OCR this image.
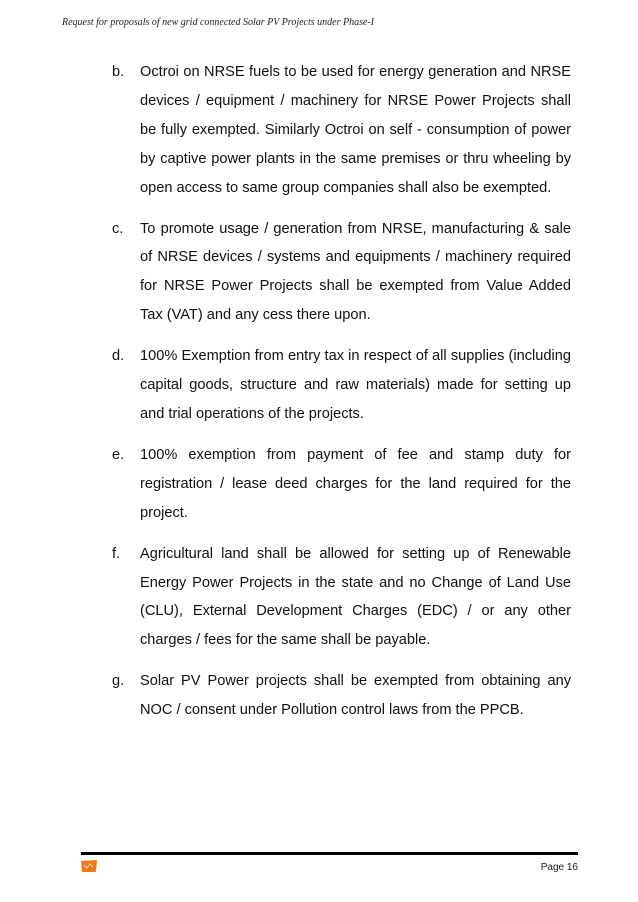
Request for proposals of new grid connected Solar PV Projects under Phase-I
b.	Octroi on NRSE fuels to be used for energy generation and NRSE devices / equipment / machinery for NRSE Power Projects shall be fully exempted. Similarly Octroi on self - consumption of power by captive power plants in the same premises or thru wheeling by open access to same group companies shall also be exempted.
c.	To promote usage / generation from NRSE, manufacturing & sale of NRSE devices / systems and equipments / machinery required for NRSE Power Projects shall be exempted from Value Added Tax (VAT) and any cess there upon.
d.	100% Exemption from entry tax in respect of all supplies (including capital goods, structure and raw materials) made for setting up and trial operations of the projects.
e.	100% exemption from payment of fee and stamp duty for registration / lease deed charges for the land required for the project.
f.	Agricultural land shall be allowed for setting up of Renewable Energy Power Projects in the state and no Change of Land Use (CLU), External Development Charges (EDC) / or any other charges / fees for the same shall be payable.
g.	Solar PV Power projects shall be exempted from obtaining any NOC / consent under Pollution control laws from the PPCB.
Page 16
